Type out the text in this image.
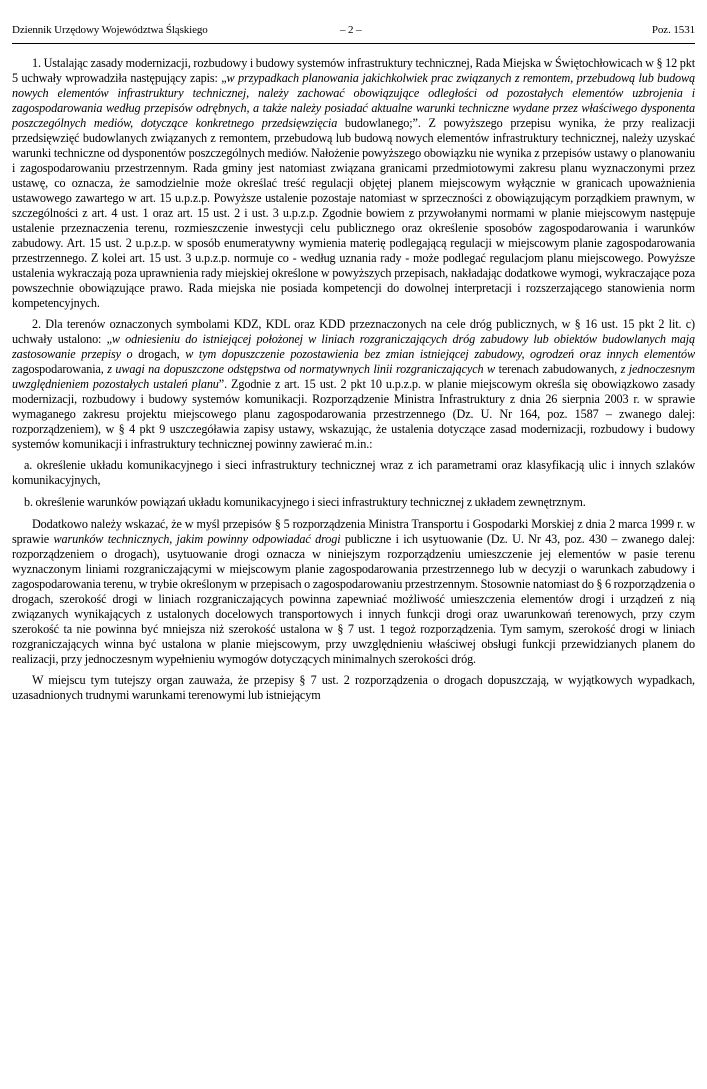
Dziennik Urzędowy Województwa Śląskiego	– 2 –	Poz. 1531

1. Ustalając zasady modernizacji, rozbudowy i budowy systemów infrastruktury technicznej, Rada Miejska w Świętochłowicach w § 12 pkt 5 uchwały wprowadziła następujący zapis: „w przypadkach planowania jakichkolwiek prac związanych z remontem, przebudową lub budową nowych elementów infrastruktury technicznej, należy zachować obowiązujące odległości od pozostałych elementów uzbrojenia i zagospodarowania według przepisów odrębnych, a także należy posiadać aktualne warunki techniczne wydane przez właściwego dysponenta poszczególnych mediów, dotyczące konkretnego przedsięwzięcia budowlanego;”. Z powyższego przepisu wynika, że przy realizacji przedsięwzięć budowlanych związanych z remontem, przebudową lub budową nowych elementów infrastruktury technicznej, należy uzyskać warunki techniczne od dysponentów poszczególnych mediów. Nałożenie powyższego obowiązku nie wynika z przepisów ustawy o planowaniu i zagospodarowaniu przestrzennym. Rada gminy jest natomiast związana granicami przedmiotowymi zakresu planu wyznaczonymi przez ustawę, co oznacza, że samodzielnie może określać treść regulacji objętej planem miejscowym wyłącznie w granicach upoważnienia ustawowego zawartego w art. 15 u.p.z.p. Powyższe ustalenie pozostaje natomiast w sprzeczności z obowiązującym porządkiem prawnym, w szczególności z art. 4 ust. 1 oraz art. 15 ust. 2 i ust. 3 u.p.z.p. Zgodnie bowiem z przywołanymi normami w planie miejscowym następuje ustalenie przeznaczenia terenu, rozmieszczenie inwestycji celu publicznego oraz określenie sposobów zagospodarowania i warunków zabudowy. Art. 15 ust. 2 u.p.z.p. w sposób enumeratywny wymienia materię podlegającą regulacji w miejscowym planie zagospodarowania przestrzennego. Z kolei art. 15 ust. 3 u.p.z.p. normuje co - według uznania rady - może podlegać regulacjom planu miejscowego. Powyższe ustalenia wykraczają poza uprawnienia rady miejskiej określone w powyższych przepisach, nakładając dodatkowe wymogi, wykraczające poza powszechnie obowiązujące prawo. Rada miejska nie posiada kompetencji do dowolnej interpretacji i rozszerzającego stanowienia norm kompetencyjnych.

2. Dla terenów oznaczonych symbolami KDZ, KDL oraz KDD przeznaczonych na cele dróg publicznych, w § 16 ust. 15 pkt 2 lit. c) uchwały ustalono: „w odniesieniu do istniejącej położonej w liniach rozgraniczających dróg zabudowy lub obiektów budowlanych mają zastosowanie przepisy o drogach, w tym dopuszczenie pozostawienia bez zmian istniejącej zabudowy, ogrodzeń oraz innych elementów zagospodarowania, z uwagi na dopuszczone odstępstwa od normatywnych linii rozgraniczających w terenach zabudowanych, z jednoczesnym uwzględnieniem pozostałych ustaleń planu”. Zgodnie z art. 15 ust. 2 pkt 10 u.p.z.p. w planie miejscowym określa się obowiązkowo zasady modernizacji, rozbudowy i budowy systemów komunikacji. Rozporządzenie Ministra Infrastruktury z dnia 26 sierpnia 2003 r. w sprawie wymaganego zakresu projektu miejscowego planu zagospodarowania przestrzennego (Dz. U. Nr 164, poz. 1587 – zwanego dalej: rozporządzeniem), w § 4 pkt 9 uszczegóławia zapisy ustawy, wskazując, że ustalenia dotyczące zasad modernizacji, rozbudowy i budowy systemów komunikacji i infrastruktury technicznej powinny zawierać m.in.:

a. określenie układu komunikacyjnego i sieci infrastruktury technicznej wraz z ich parametrami oraz klasyfikacją ulic i innych szlaków komunikacyjnych,

b. określenie warunków powiązań układu komunikacyjnego i sieci infrastruktury technicznej z układem zewnętrznym.

Dodatkowo należy wskazać, że w myśl przepisów § 5 rozporządzenia Ministra Transportu i Gospodarki Morskiej z dnia 2 marca 1999 r. w sprawie warunków technicznych, jakim powinny odpowiadać drogi publiczne i ich usytuowanie (Dz. U. Nr 43, poz. 430 – zwanego dalej: rozporządzeniem o drogach), usytuowanie drogi oznacza w niniejszym rozporządzeniu umieszczenie jej elementów w pasie terenu wyznaczonym liniami rozgraniczającymi w miejscowym planie zagospodarowania przestrzennego lub w decyzji o warunkach zabudowy i zagospodarowania terenu, w trybie określonym w przepisach o zagospodarowaniu przestrzennym. Stosownie natomiast do § 6 rozporządzenia o drogach, szerokość drogi w liniach rozgraniczających powinna zapewniać możliwość umieszczenia elementów drogi i urządzeń z nią związanych wynikających z ustalonych docelowych transportowych i innych funkcji drogi oraz uwarunkowań terenowych, przy czym szerokość ta nie powinna być mniejsza niż szerokość ustalona w § 7 ust. 1 tegoż rozporządzenia. Tym samym, szerokość drogi w liniach rozgraniczających winna być ustalona w planie miejscowym, przy uwzględnieniu właściwej obsługi funkcji przewidzianych planem do realizacji, przy jednoczesnym wypełnieniu wymogów dotyczących minimalnych szerokości dróg.

W miejscu tym tutejszy organ zauważa, że przepisy § 7 ust. 2 rozporządzenia o drogach dopuszczają, w wyjątkowych wypadkach, uzasadnionych trudnymi warunkami terenowymi lub istniejącym
